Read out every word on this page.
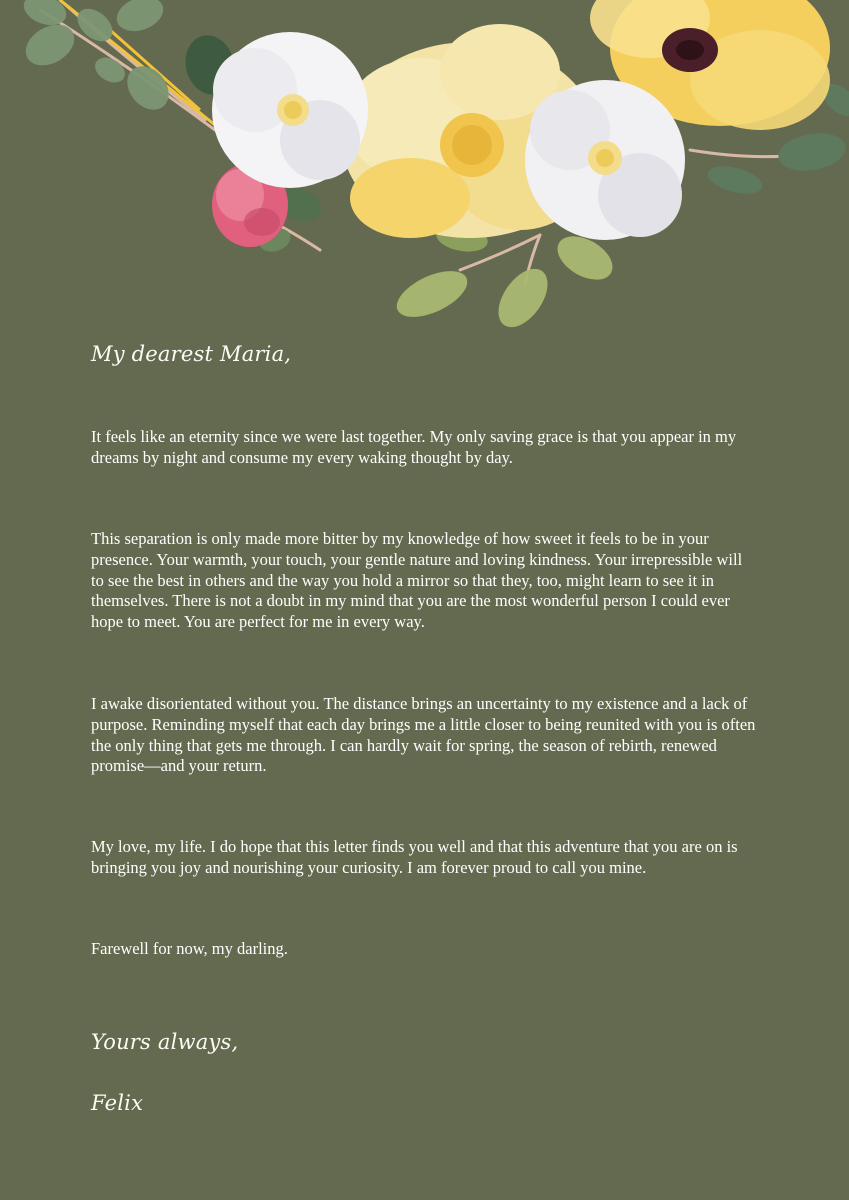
My dearest Maria,

It feels like an eternity since we were last together. My only saving grace is that you appear in my dreams by night and consume my every waking thought by day.

This separation is only made more bitter by my knowledge of how sweet it feels to be in your presence. Your warmth, your touch, your gentle nature and loving kindness. Your irrepressible will to see the best in others and the way you hold a mirror so that they, too, might learn to see it in themselves. There is not a doubt in my mind that you are the most wonderful person I could ever hope to meet. You are perfect for me in every way.

I awake disorientated without you. The distance brings an uncertainty to my existence and a lack of purpose. Reminding myself that each day brings me a little closer to being reunited with you is often the only thing that gets me through. I can hardly wait for spring, the season of rebirth, renewed promise—and your return.

My love, my life. I do hope that this letter finds you well and that this adventure that you are on is bringing you joy and nourishing your curiosity. I am forever proud to call you mine.

Farewell for now, my darling.

Yours always,

Felix
